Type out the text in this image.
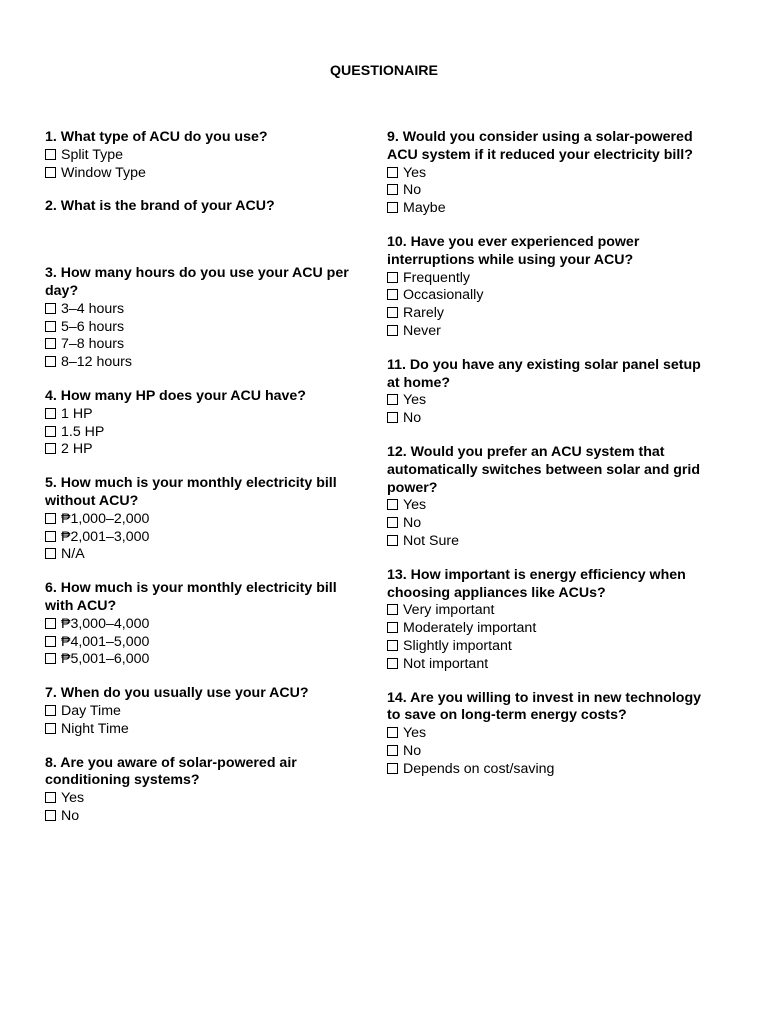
QUESTIONAIRE

1. What type of ACU do you use?

Split Type
Window Type

2. What is the brand of your ACU?

3. How many hours do you use your ACU per day?

3–4 hours
5–6 hours
7–8 hours
8–12 hours

4. How many HP does your ACU have?

1 HP
1.5 HP
2 HP

5. How much is your monthly electricity bill without ACU?

₱1,000–2,000
₱2,001–3,000
N/A

6. How much is your monthly electricity bill with ACU?

₱3,000–4,000
₱4,001–5,000
₱5,001–6,000

7. When do you usually use your ACU?

Day Time
Night Time

8. Are you aware of solar-powered air conditioning systems?

Yes
No

9. Would you consider using a solar-powered ACU system if it reduced your electricity bill?

Yes
No
Maybe

10. Have you ever experienced power interruptions while using your ACU?

Frequently
Occasionally
Rarely
Never

11. Do you have any existing solar panel setup at home?

Yes
No

12. Would you prefer an ACU system that automatically switches between solar and grid power?

Yes
No
Not Sure

13. How important is energy efficiency when choosing appliances like ACUs?

Very important
Moderately important
Slightly important
Not important

14. Are you willing to invest in new technology to save on long-term energy costs?

Yes
No
Depends on cost/saving
